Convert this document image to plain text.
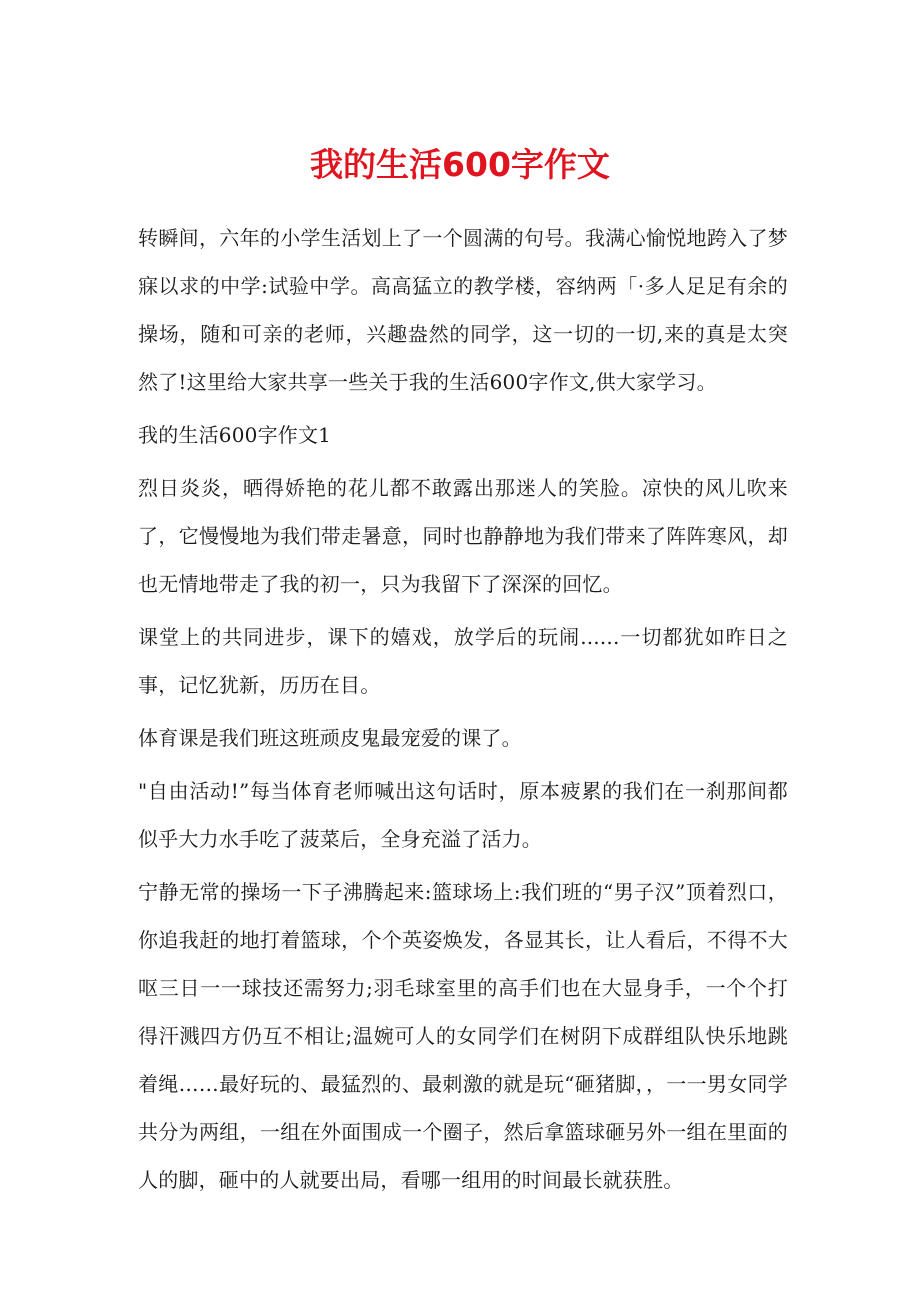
我的生活600字作文

转瞬间，六年的小学生活划上了一个圆满的句号。我满心愉悦地跨入了梦寐以求的中学:试验中学。高高猛立的教学楼，容纳两「·多人足足有余的操场，随和可亲的老师，兴趣盎然的同学，这一切的一切,来的真是太突然了!这里给大家共享一些关于我的生活600字作文,供大家学习。

我的生活600字作文1

烈日炎炎，晒得娇艳的花儿都不敢露出那迷人的笑脸。凉快的风儿吹来了，它慢慢地为我们带走暑意，同时也静静地为我们带来了阵阵寒风，却也无情地带走了我的初一，只为我留下了深深的回忆。

课堂上的共同进步，课下的嬉戏，放学后的玩闹......一切都犹如昨日之事，记忆犹新，历历在目。

体育课是我们班这班顽皮鬼最宠爱的课了。

"自由活动!”每当体育老师喊出这句话时，原本疲累的我们在一刹那间都似乎大力水手吃了菠菜后，全身充溢了活力。

宁静无常的操场一下子沸腾起来:篮球场上:我们班的“男子汉”顶着烈口，你追我赶的地打着篮球，个个英姿焕发，各显其长，让人看后，不得不大呕三日一一球技还需努力;羽毛球室里的高手们也在大显身手，一个个打得汗溅四方仍互不相让;温婉可人的女同学们在树阴下成群组队快乐地跳着绳……最好玩的、最猛烈的、最刺激的就是玩“砸猪脚，，一一男女同学共分为两组，一组在外面围成一个圈子，然后拿篮球砸另外一组在里面的人的脚，砸中的人就要出局，看哪一组用的时间最长就获胜。
